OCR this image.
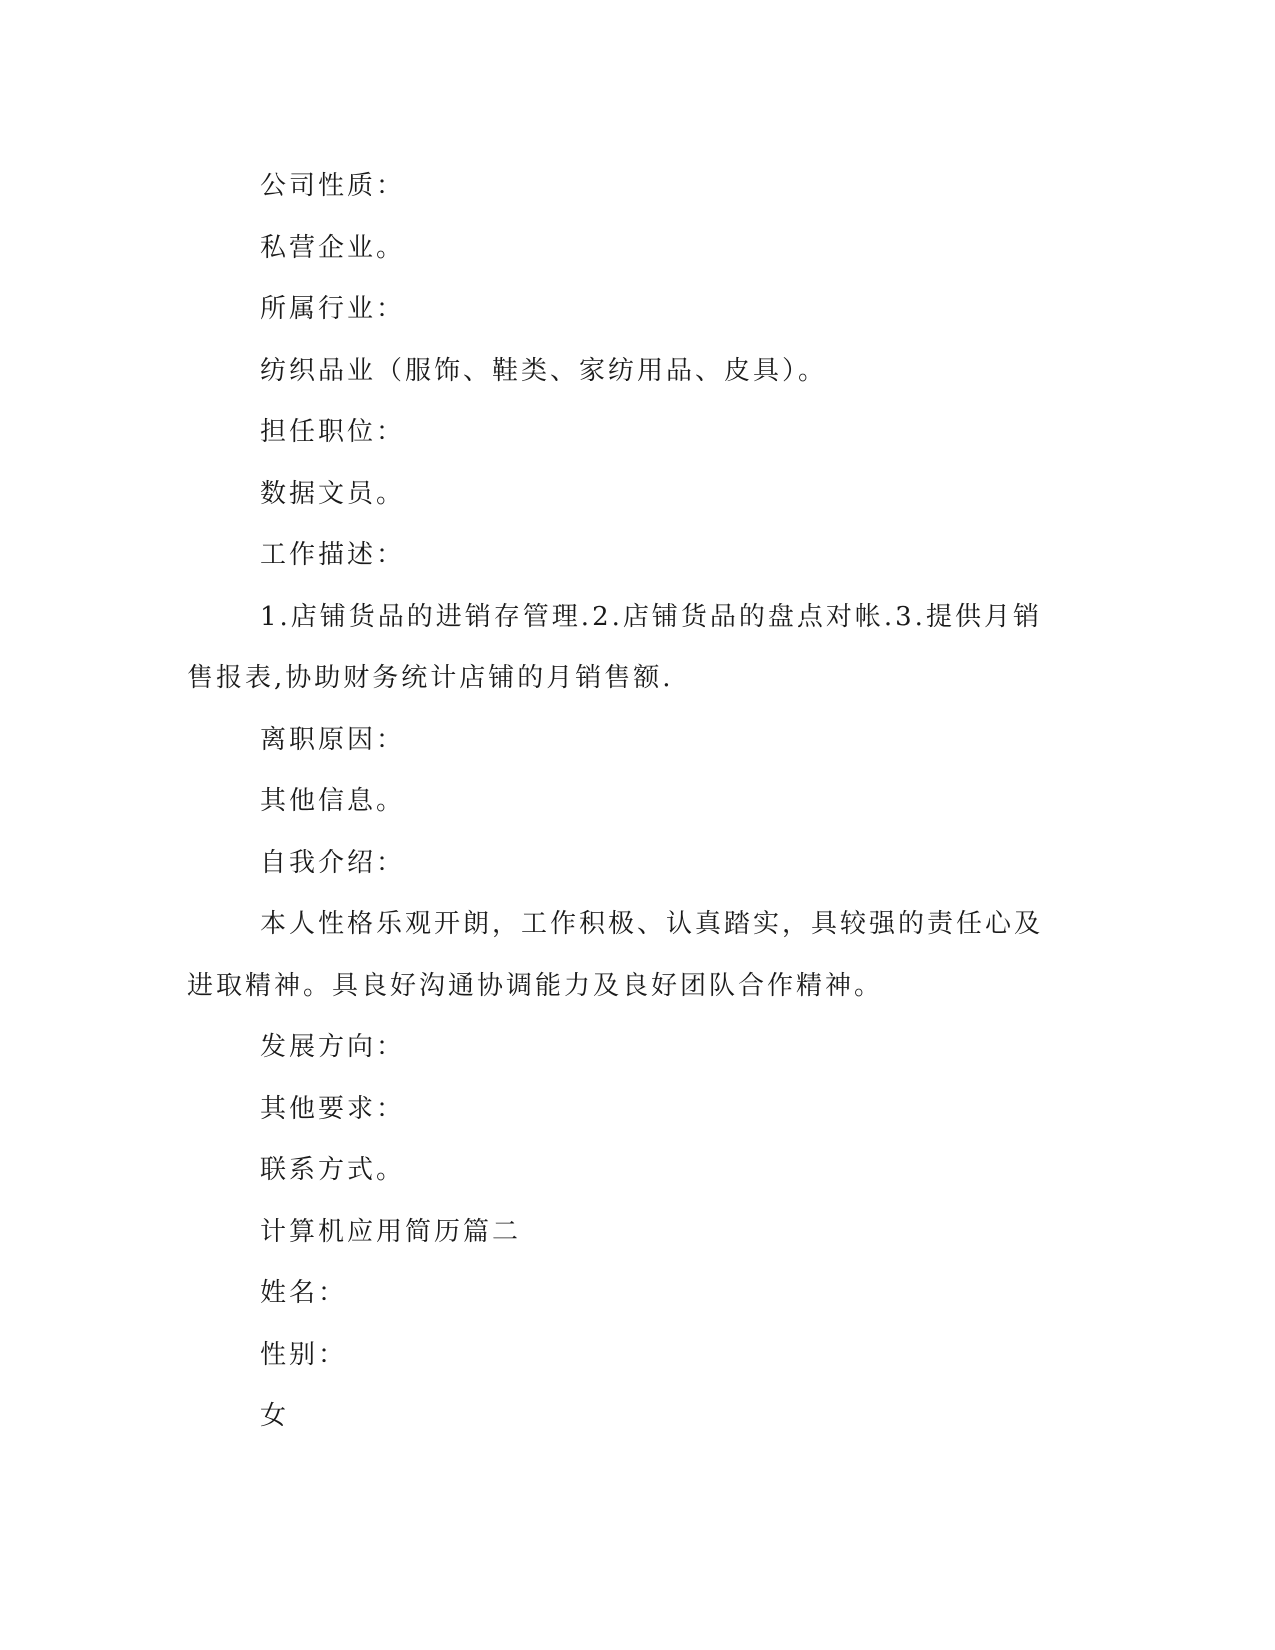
公司性质：

私营企业。

所属行业：

纺织品业（服饰、鞋类、家纺用品、皮具）。

担任职位：

数据文员。

工作描述：

1.店铺货品的进销存管理.2.店铺货品的盘点对帐.3.提供月销售报表,协助财务统计店铺的月销售额.

离职原因：

其他信息。

自我介绍：

本人性格乐观开朗，工作积极、认真踏实，具较强的责任心及进取精神。具良好沟通协调能力及良好团队合作精神。

发展方向：

其他要求：

联系方式。

计算机应用简历篇二

姓名：

性别：

女
